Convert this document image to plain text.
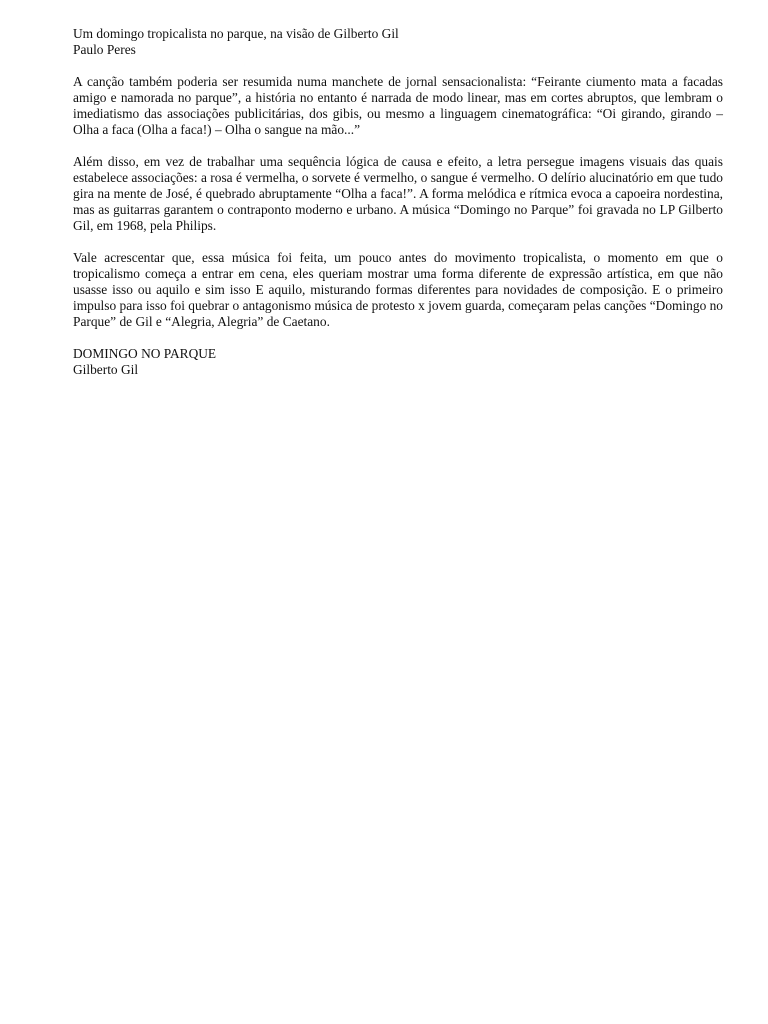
Um domingo tropicalista no parque, na visão de Gilberto Gil
Paulo Peres

A canção também poderia ser resumida numa manchete de jornal sensacionalista: “Feirante ciumento mata a facadas amigo e namorada no parque”, a história no entanto é narrada de modo linear, mas em cortes abruptos, que lembram o imediatismo das associações publicitárias, dos gibis, ou mesmo a linguagem cinematográfica: “Oi girando, girando – Olha a faca (Olha a faca!) – Olha o sangue na mão...”

Além disso, em vez de trabalhar uma sequência lógica de causa e efeito, a letra persegue imagens visuais das quais estabelece associações: a rosa é vermelha, o sorvete é vermelho, o sangue é vermelho. O delírio alucinatório em que tudo gira na mente de José, é quebrado abruptamente “Olha a faca!”. A forma melódica e rítmica evoca a capoeira nordestina, mas as guitarras garantem o contraponto moderno e urbano. A música “Domingo no Parque” foi gravada no LP Gilberto Gil, em 1968, pela Philips.

Vale acrescentar que, essa música foi feita, um pouco antes do movimento tropicalista, o momento em que o tropicalismo começa a entrar em cena, eles queriam mostrar uma forma diferente de expressão artística, em que não usasse isso ou aquilo e sim isso E aquilo, misturando formas diferentes para novidades de composição. E o primeiro impulso para isso foi quebrar o antagonismo música de protesto x jovem guarda, começaram pelas canções “Domingo no Parque” de Gil e “Alegria, Alegria” de Caetano.

DOMINGO NO PARQUE
Gilberto Gil
